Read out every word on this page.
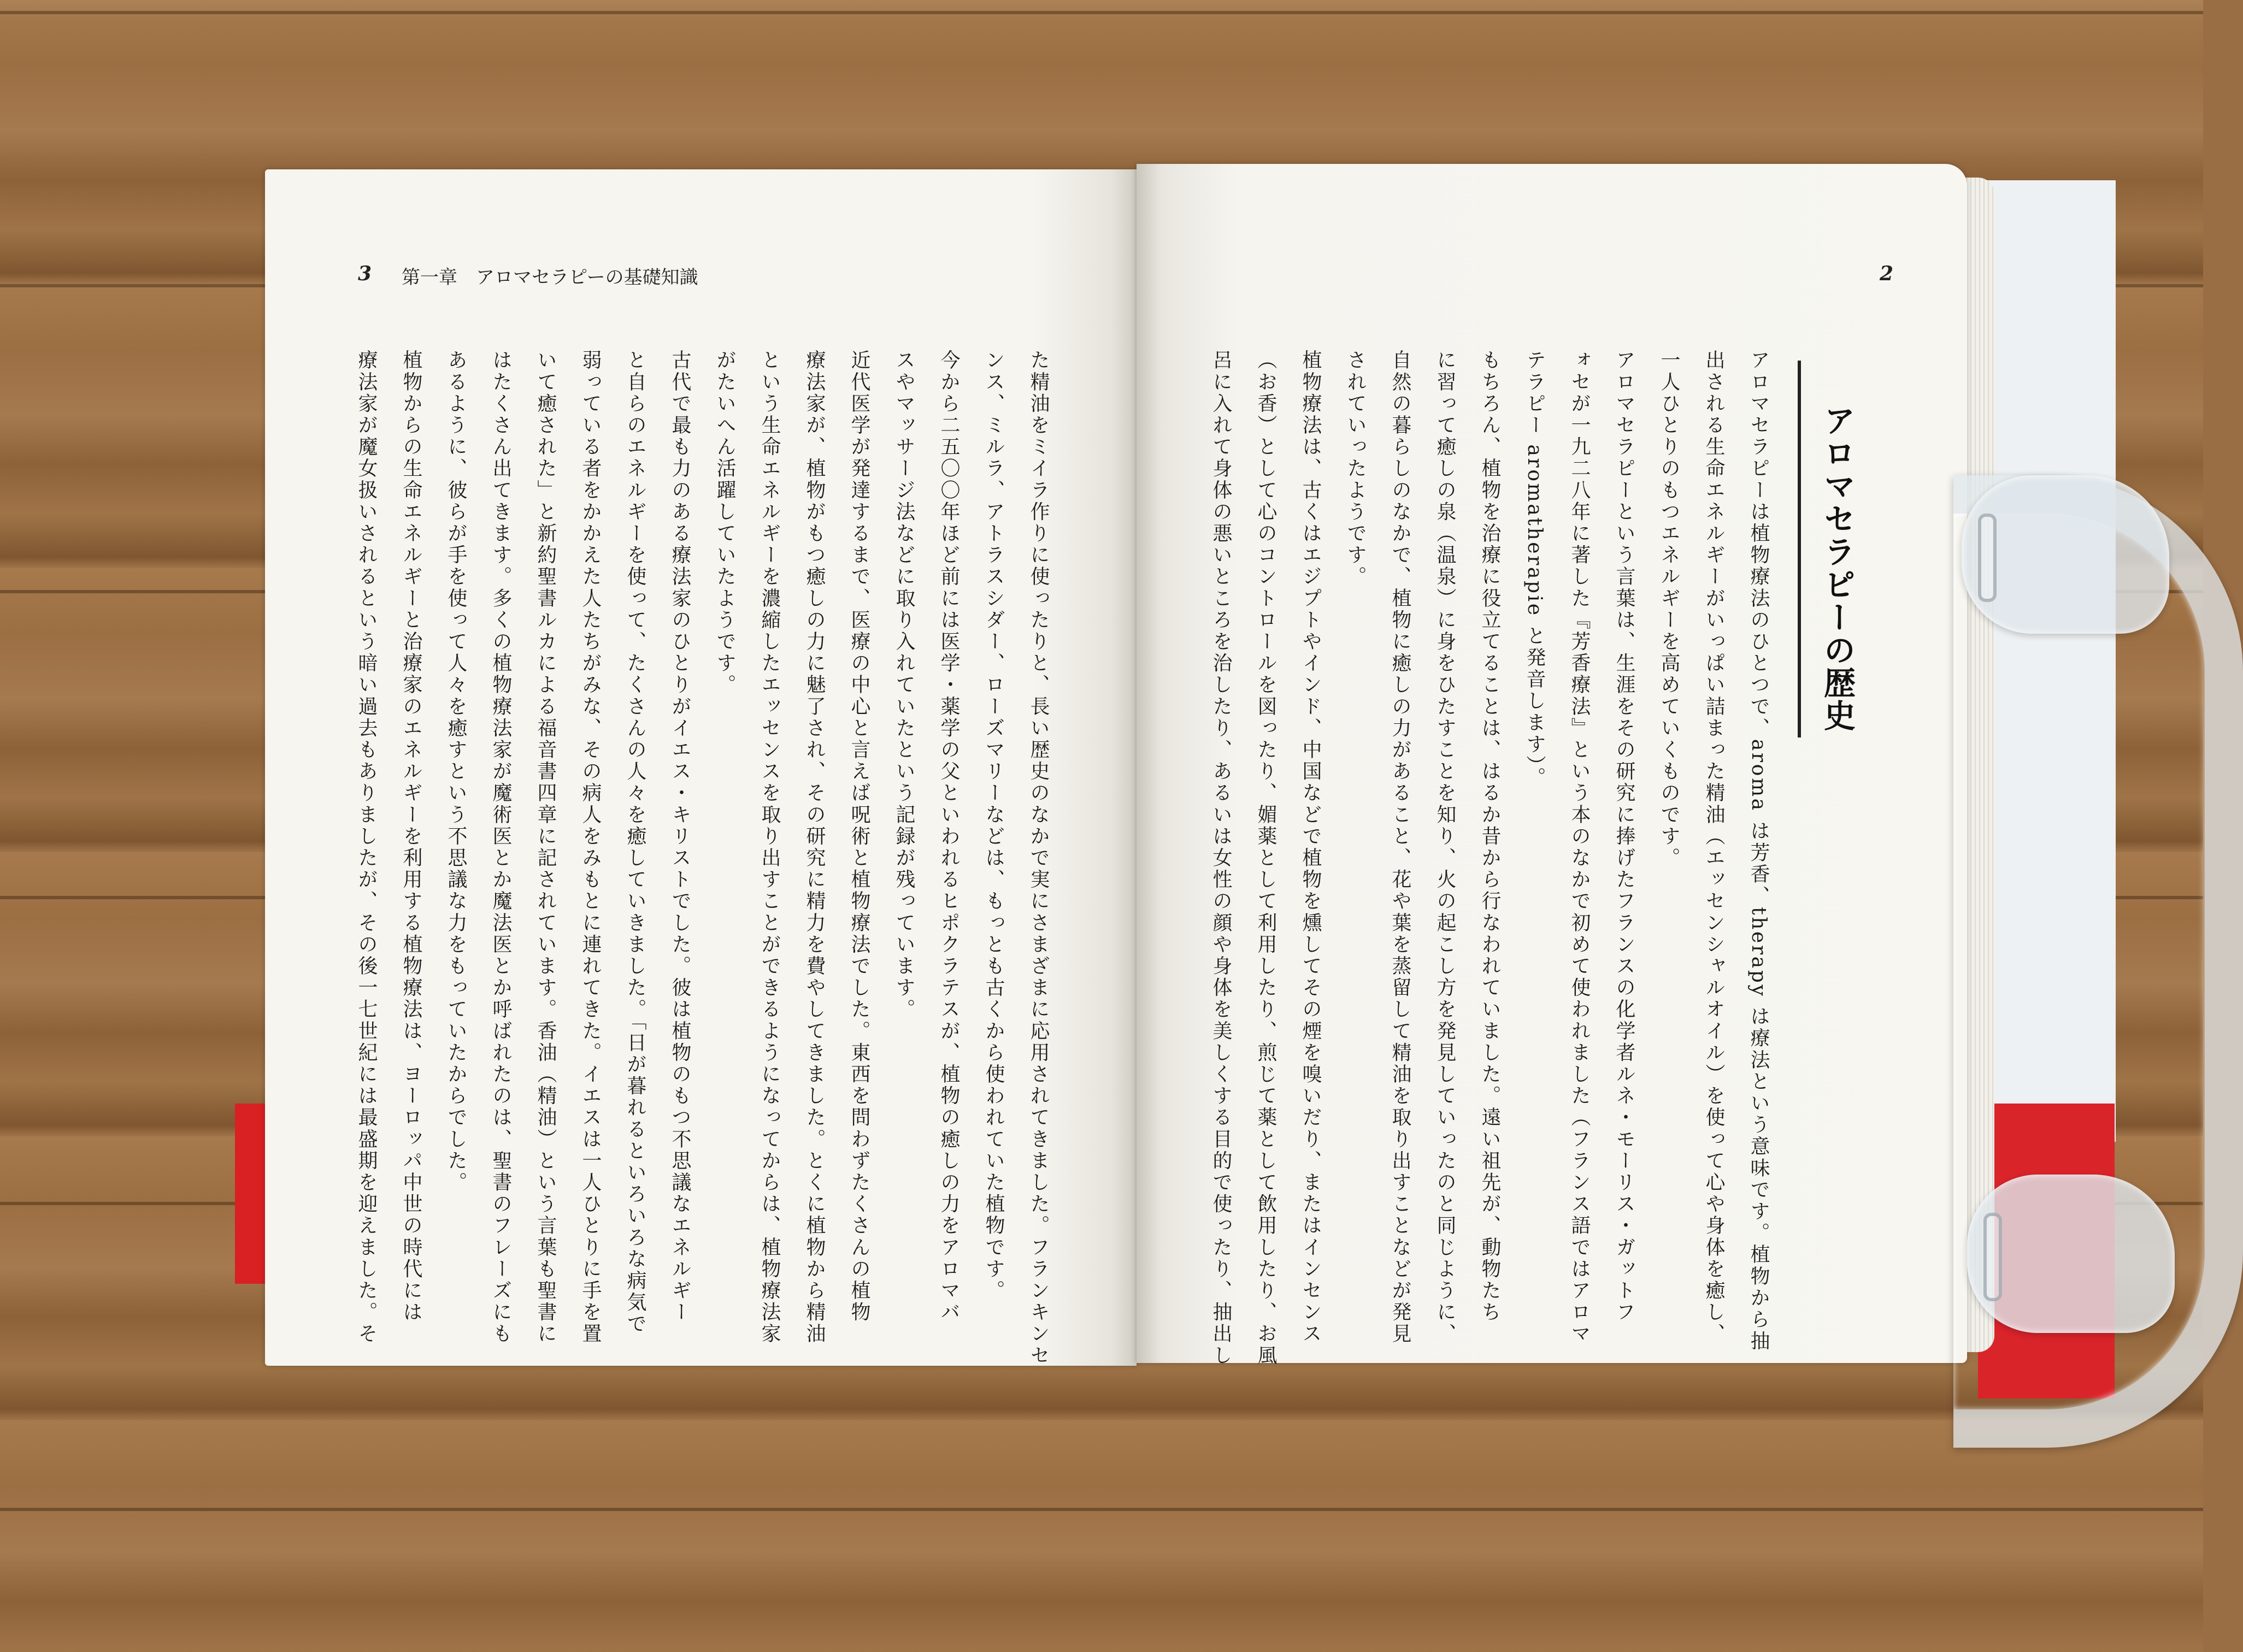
3 第一章　アロマセラピーの基礎知識	2
た精油をミイラ作りに使ったりと、長い歴史のなかで実にさまざまに応用されてきました。フランキンセ
ンス、ミルラ、アトラスシダー、ローズマリーなどは、もっとも古くから使われていた植物です。
今から二五〇〇年ほど前には医学・薬学の父といわれるヒポクラテスが、植物の癒しの力をアロマバ
スやマッサージ法などに取り入れていたという記録が残っています。
近代医学が発達するまで、医療の中心と言えば呪術と植物療法でした。東西を問わずたくさんの植物
療法家が、植物がもつ癒しの力に魅了され、その研究に精力を費やしてきました。とくに植物から精油
という生命エネルギーを濃縮したエッセンスを取り出すことができるようになってからは、植物療法家
がたいへん活躍していたようです。
古代で最も力のある療法家のひとりがイエス・キリストでした。彼は植物のもつ不思議なエネルギー
と自らのエネルギーを使って、たくさんの人々を癒していきました。「日が暮れるといろいろな病気で
弱っている者をかかえた人たちがみな、その病人をみもとに連れてきた。イエスは一人ひとりに手を置
いて癒された」と新約聖書ルカによる福音書四章に記されています。香油（精油）という言葉も聖書に
はたくさん出てきます。多くの植物療法家が魔術医とか魔法医とか呼ばれたのは、聖書のフレーズにも
あるように、彼らが手を使って人々を癒すという不思議な力をもっていたからでした。
植物からの生命エネルギーと治療家のエネルギーを利用する植物療法は、ヨーロッパ中世の時代には
療法家が魔女扱いされるという暗い過去もありましたが、その後一七世紀には最盛期を迎えました。そ	アロマセラピーの歴史
アロマセラピーは植物療法のひとつで、aroma は芳香、therapy は療法という意味です。植物から抽
出される生命エネルギーがいっぱい詰まった精油（エッセンシャルオイル）を使って心や身体を癒し、
一人ひとりのもつエネルギーを高めていくものです。
アロマセラピーという言葉は、生涯をその研究に捧げたフランスの化学者ルネ・モーリス・ガットフ
ォセが一九二八年に著した『芳香療法』という本のなかで初めて使われました（フランス語ではアロマ
テラピー aromatherapie と発音します）。
もちろん、植物を治療に役立てることは、はるか昔から行なわれていました。遠い祖先が、動物たち
に習って癒しの泉（温泉）に身をひたすことを知り、火の起こし方を発見していったのと同じように、
自然の暮らしのなかで、植物に癒しの力があること、花や葉を蒸留して精油を取り出すことなどが発見
されていったようです。
植物療法は、古くはエジプトやインド、中国などで植物を燻してその煙を嗅いだり、またはインセンス
（お香）として心のコントロールを図ったり、媚薬として利用したり、煎じて薬として飲用したり、お風
呂に入れて身体の悪いところを治したり、あるいは女性の顔や身体を美しくする目的で使ったり、抽出し
